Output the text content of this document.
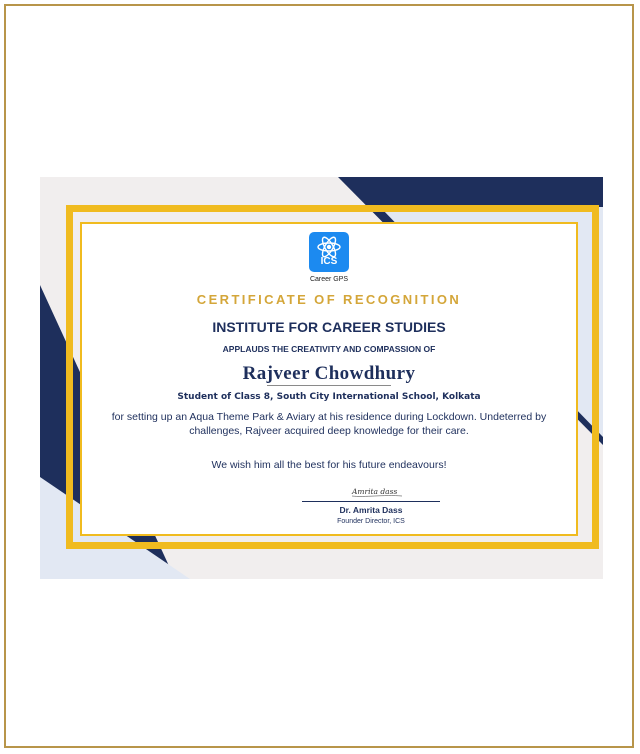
ICS
Career GPS
CERTIFICATE OF RECOGNITION
INSTITUTE FOR CAREER STUDIES
APPLAUDS THE CREATIVITY AND COMPASSION OF
Rajveer Chowdhury
Student of Class 8, South City International School, Kolkata
for setting up an Aqua Theme Park & Aviary at his residence during Lockdown. Undeterred by challenges, Rajveer acquired deep knowledge for their care.
We wish him all the best for his future endeavours!
Amrita dass
Dr. Amrita Dass
Founder Director, ICS
